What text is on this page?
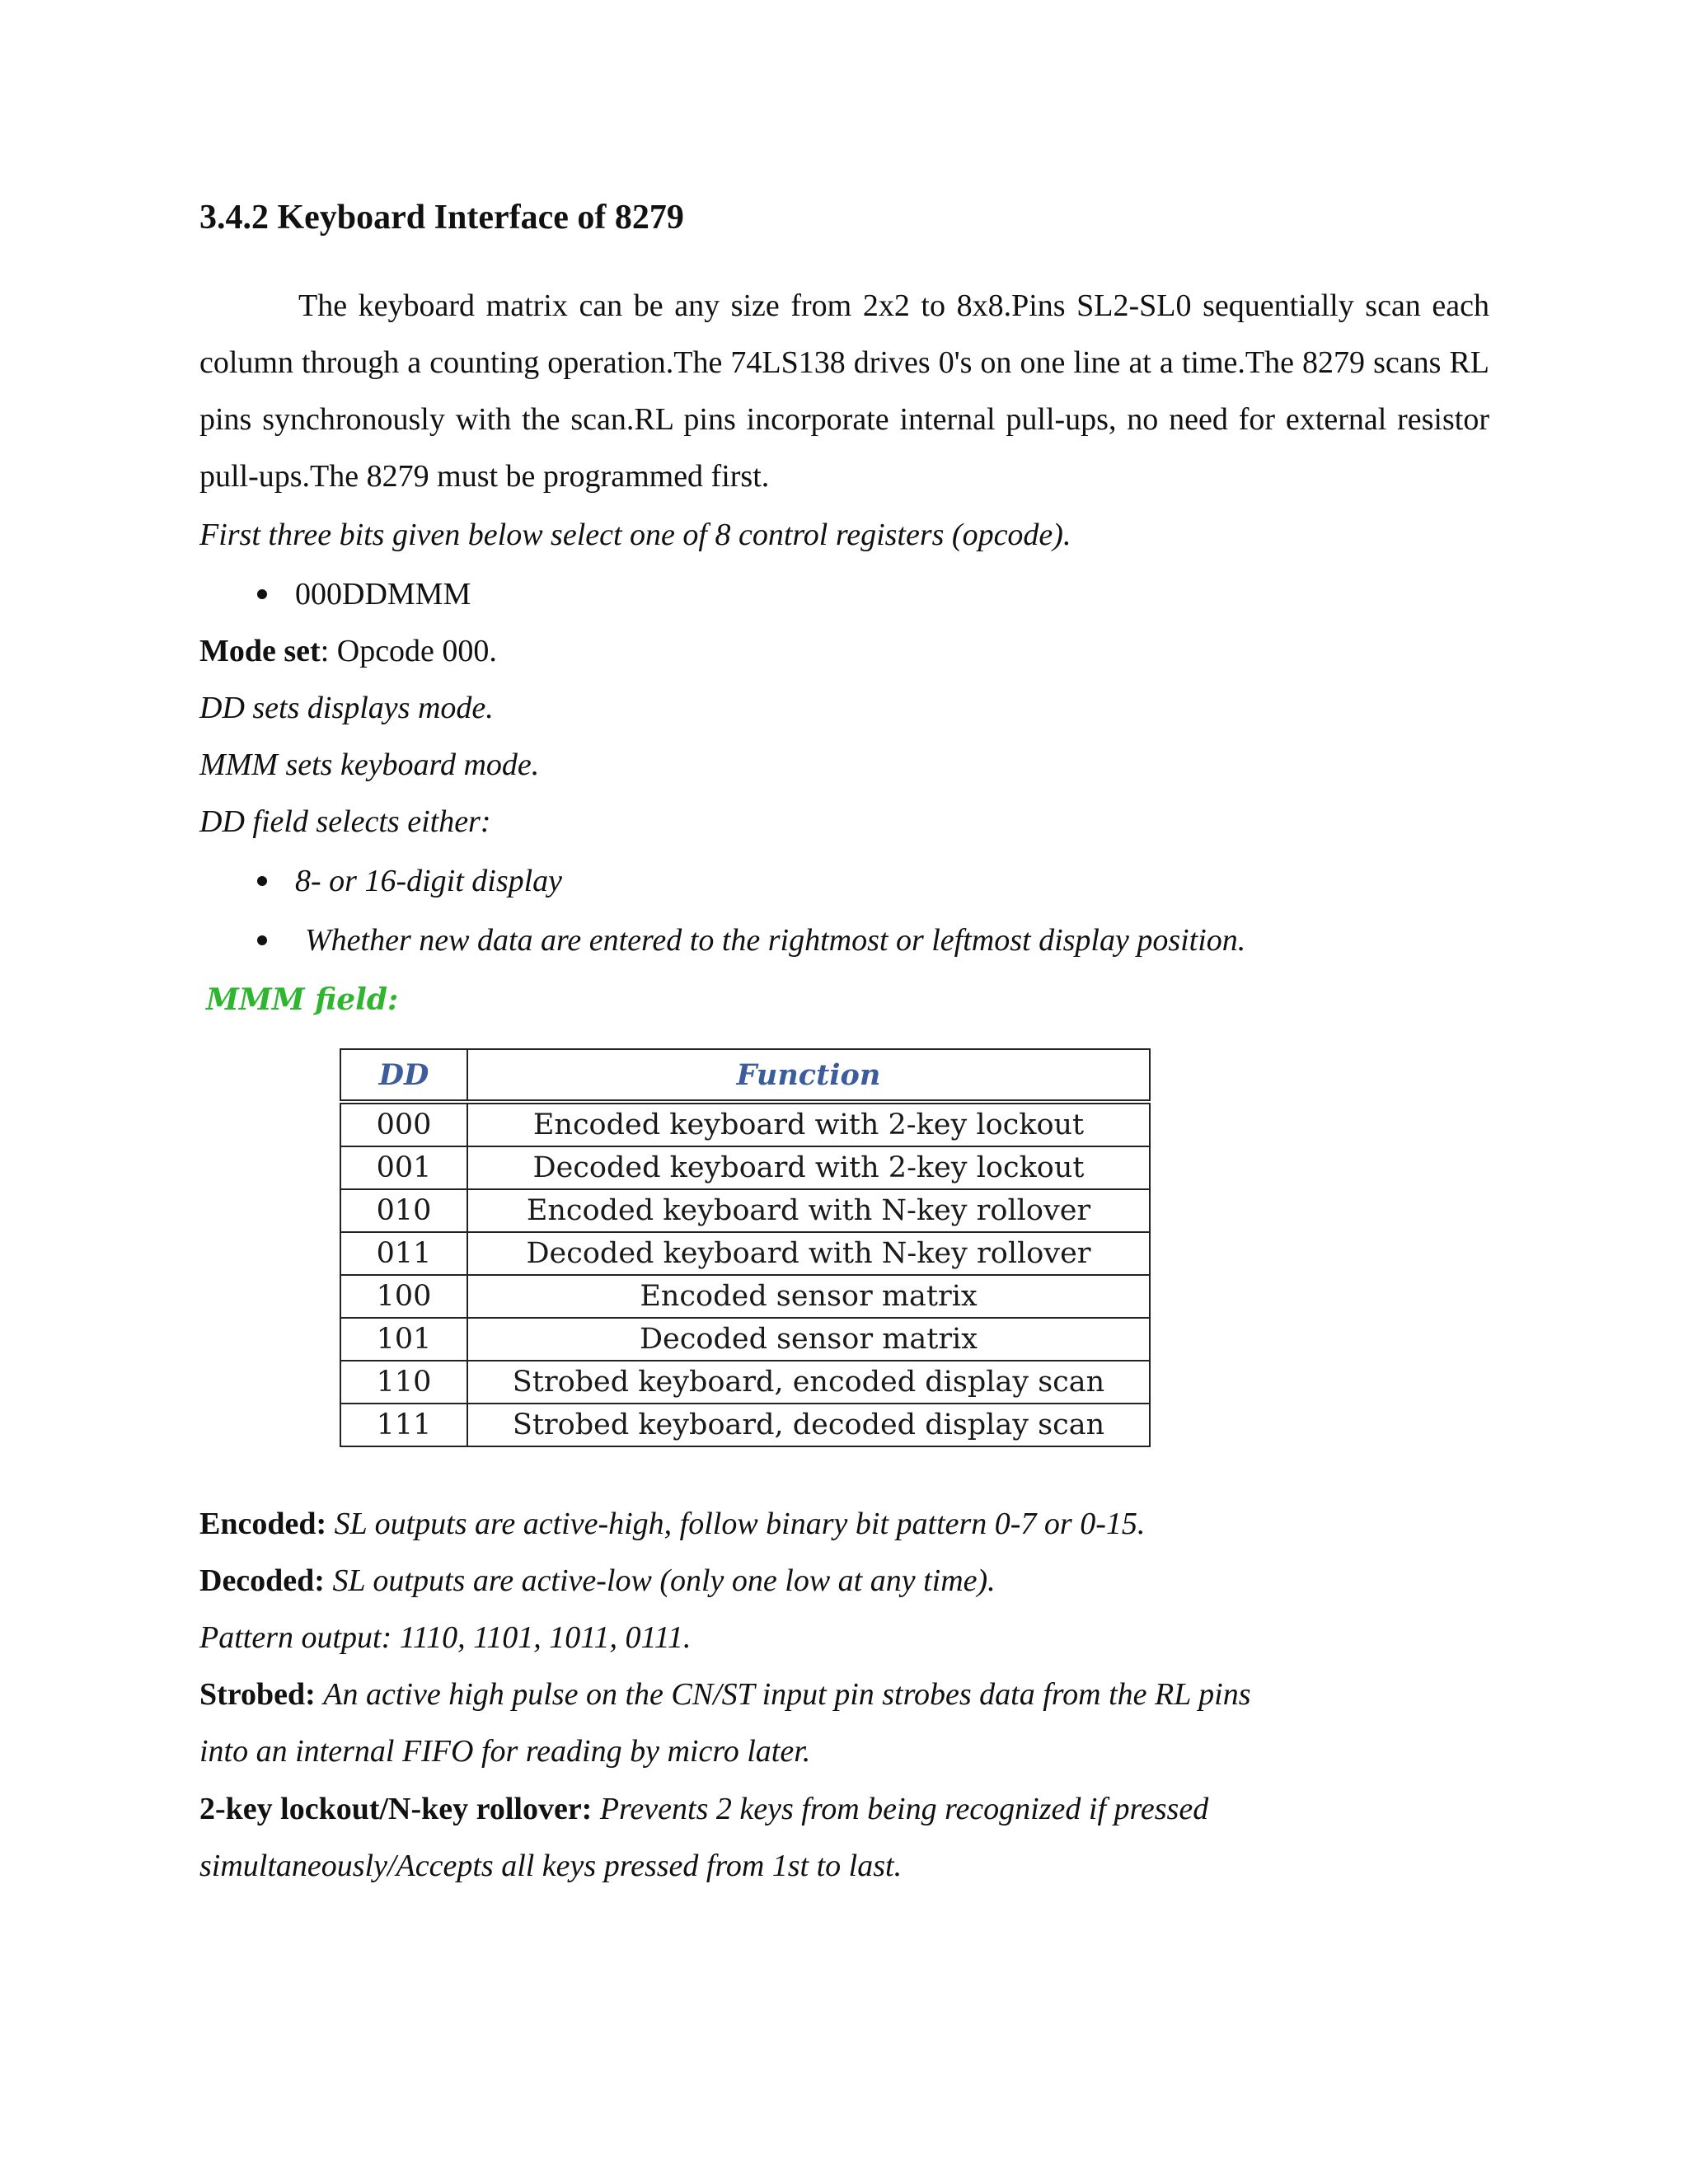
3.4.2 Keyboard Interface of 8279

The keyboard matrix can be any size from 2x2 to 8x8.Pins SL2-SL0 sequentially scan each column through a counting operation.The 74LS138 drives 0's on one line at a time.The 8279 scans RL pins synchronously with the scan.RL pins incorporate internal pull-ups, no need for external resistor pull-ups.The 8279 must be programmed first.

First three bits given below select one of 8 control registers (opcode).

000DDMMM

Mode set: Opcode 000.

DD sets displays mode.

MMM sets keyboard mode.

DD field selects either:

8- or 16-digit display
Whether new data are entered to the rightmost or leftmost display position.
MMM field:
DD	Function
000	Encoded keyboard with 2-key lockout
001	Decoded keyboard with 2-key lockout
010	Encoded keyboard with N-key rollover
011	Decoded keyboard with N-key rollover
100	Encoded sensor matrix
101	Decoded sensor matrix
110	Strobed keyboard, encoded display scan
111	Strobed keyboard, decoded display scan

Encoded: SL outputs are active-high, follow binary bit pattern 0-7 or 0-15.

Decoded: SL outputs are active-low (only one low at any time).

Pattern output: 1110, 1101, 1011, 0111.

Strobed: An active high pulse on the CN/ST input pin strobes data from the RL pins

into an internal FIFO for reading by micro later.

2-key lockout/N-key rollover: Prevents 2 keys from being recognized if pressed

simultaneously/Accepts all keys pressed from 1st to last.
